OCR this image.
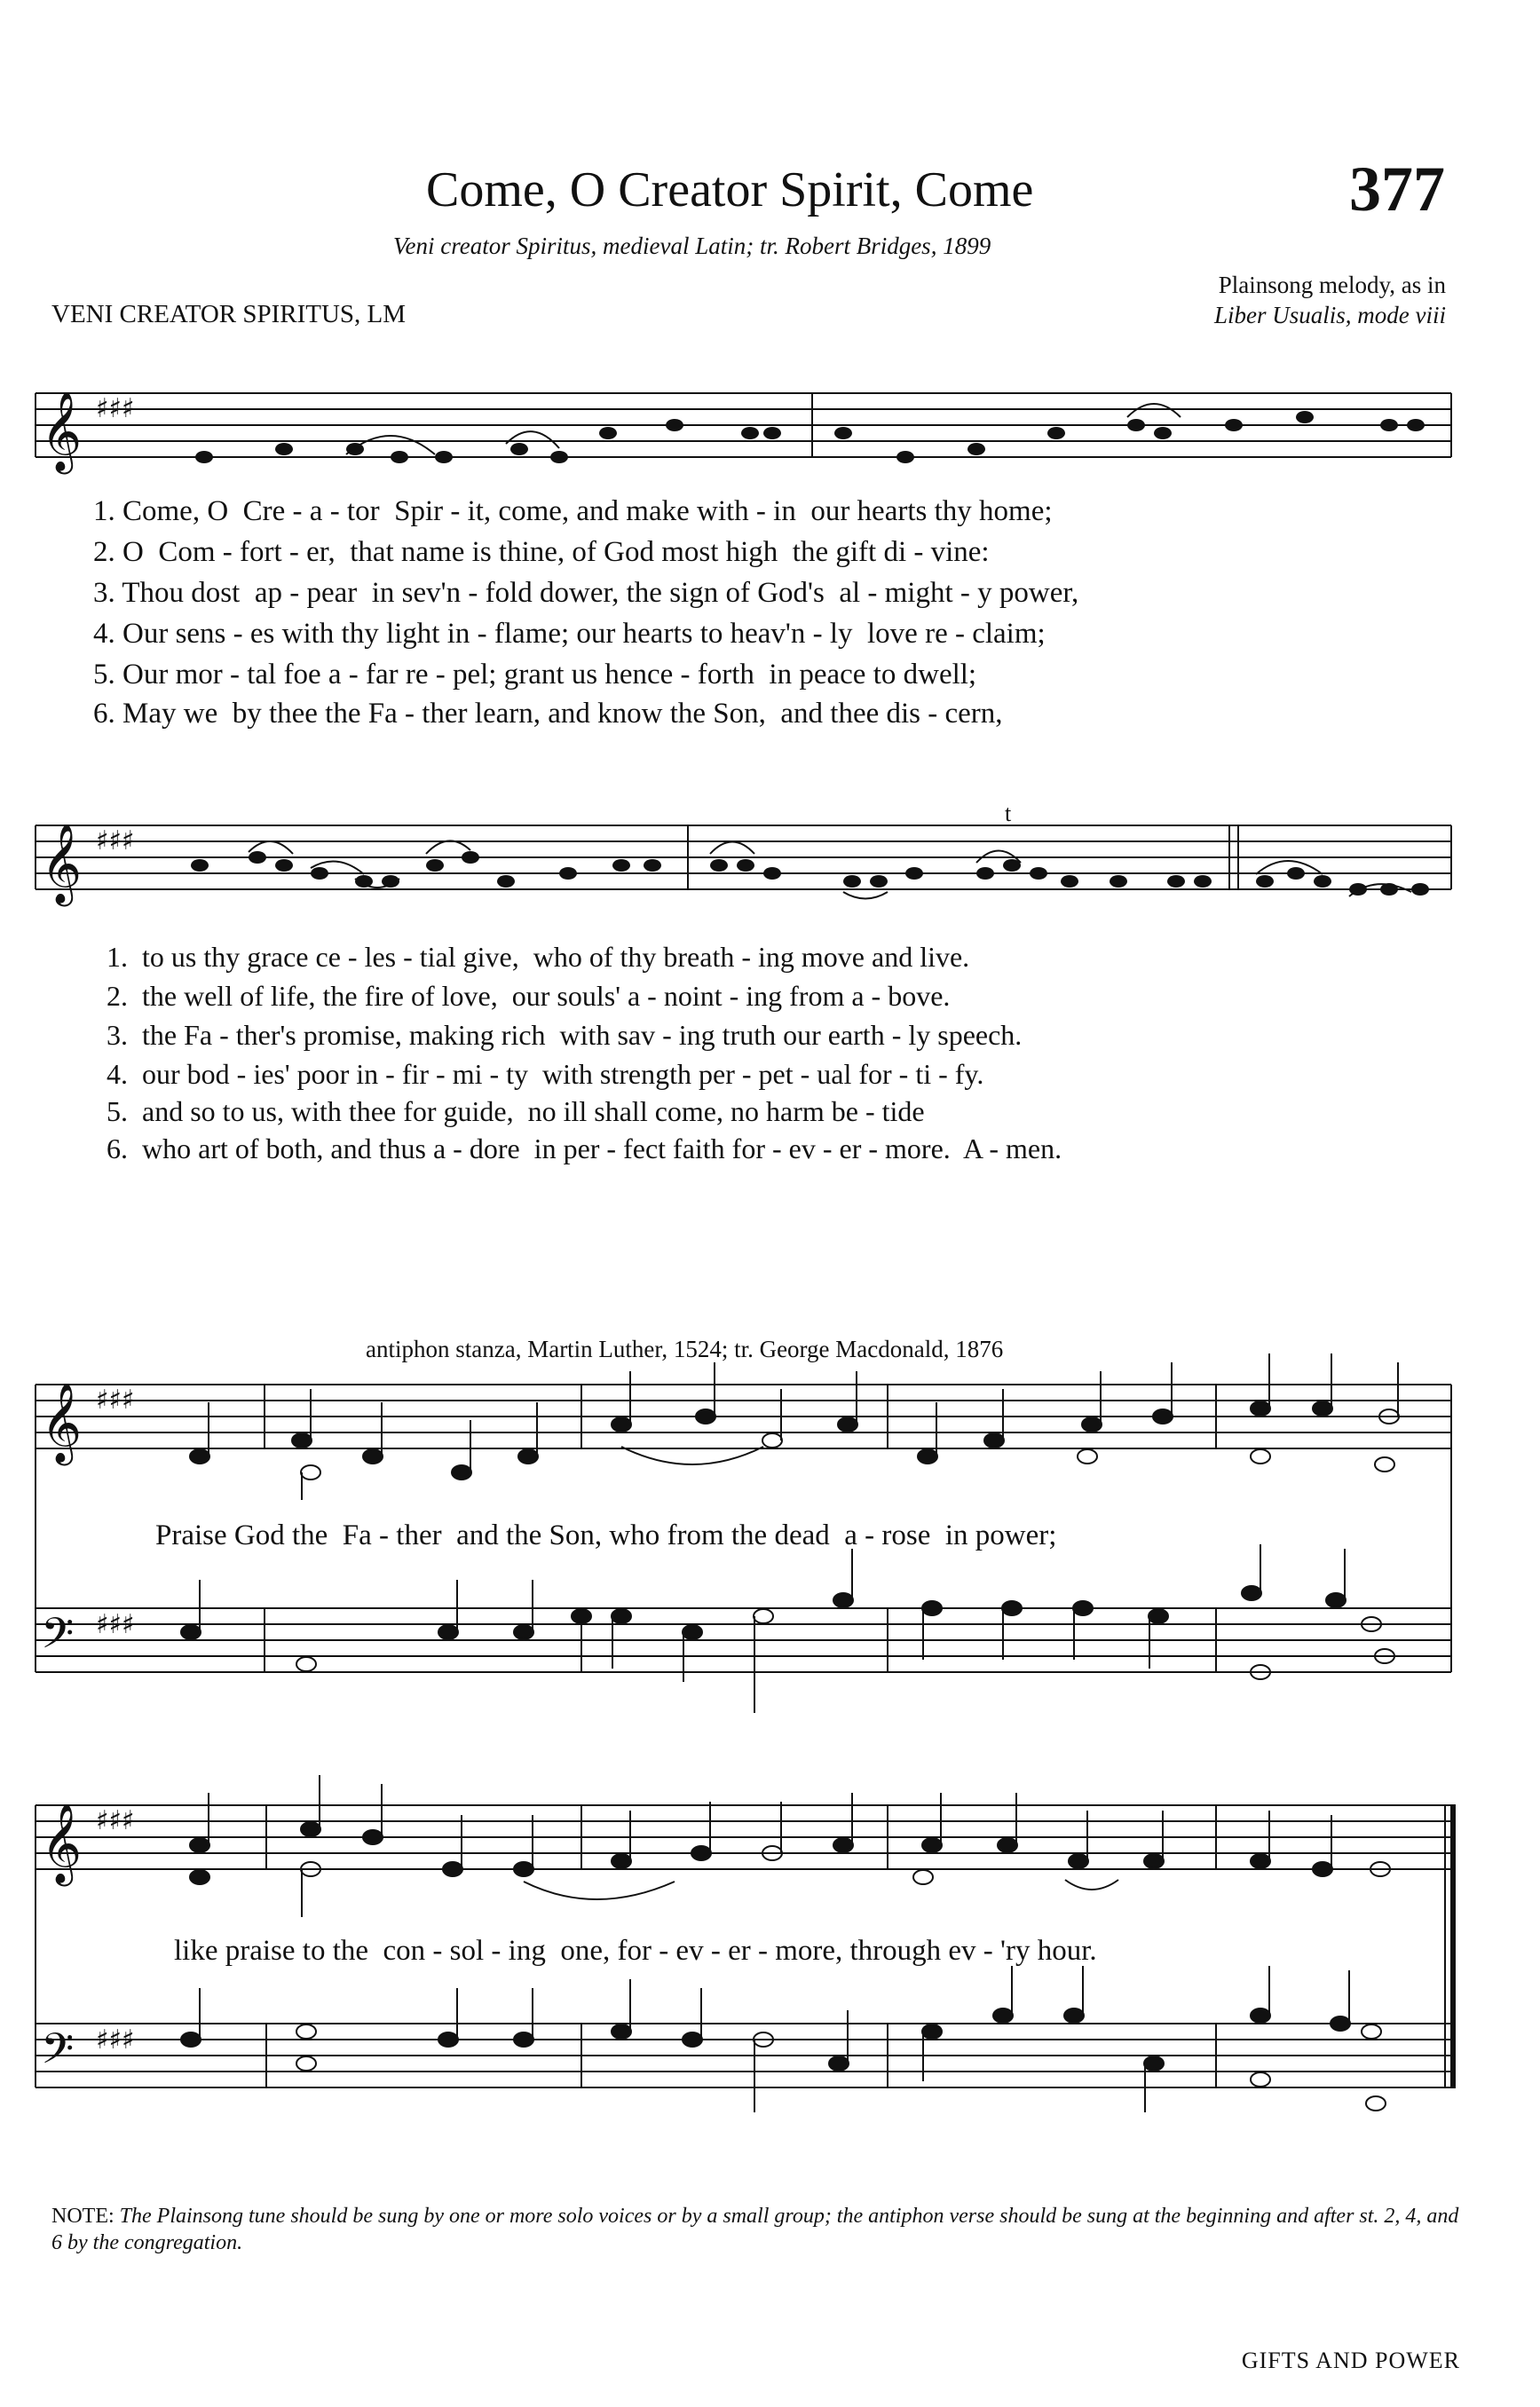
Come, O Creator Spirit, Come	377
Veni creator Spiritus, medieval Latin; tr. Robert Bridges, 1899
Plainsong melody, as in
Liber Usualis, mode viii
VENI CREATOR SPIRITUS, LM
𝄞 ♯♯♯
1. Come, O  Cre - a - tor  Spir - it, come, and make with - in  our hearts thy home;
2. O  Com - fort - er,  that name is thine, of God most high  the gift di - vine:
3. Thou dost  ap - pear  in sev'n - fold dower, the sign of God's  al - might - y power,
4. Our sens - es with thy light in - flame; our hearts to heav'n - ly  love re - claim;
5. Our mor - tal foe a - far re - pel; grant us hence - forth  in peace to dwell;
6. May we  by thee the Fa - ther learn, and know the Son,  and thee dis - cern,
𝄞 ♯♯♯
t
1.  to us thy grace ce - les - tial give,  who of thy breath - ing move and live.
2.  the well of life, the fire of love,  our souls' a - noint - ing from a - bove.
3.  the Fa - ther's promise, making rich  with sav - ing truth our earth - ly speech.
4.  our bod - ies' poor in - fir - mi - ty  with strength per - pet - ual for - ti - fy.
5.  and so to us, with thee for guide,  no ill shall come, no harm be - tide
6.  who art of both, and thus a - dore  in per - fect faith for - ev - er - more.  A - men.
antiphon stanza, Martin Luther, 1524; tr. George Macdonald, 1876
𝄞 ♯♯♯
𝄢 ♯♯♯
Praise God the  Fa - ther  and the Son, who from the dead  a - rose  in power;
𝄞 ♯♯♯
𝄢 ♯♯♯
like praise to the  con - sol - ing  one, for - ev - er - more, through ev - 'ry hour.
NOTE: The Plainsong tune should be sung by one or more solo voices or by a small group; the antiphon verse should be sung at the beginning and after st. 2, 4, and 6 by the congregation.
GIFTS AND POWER
